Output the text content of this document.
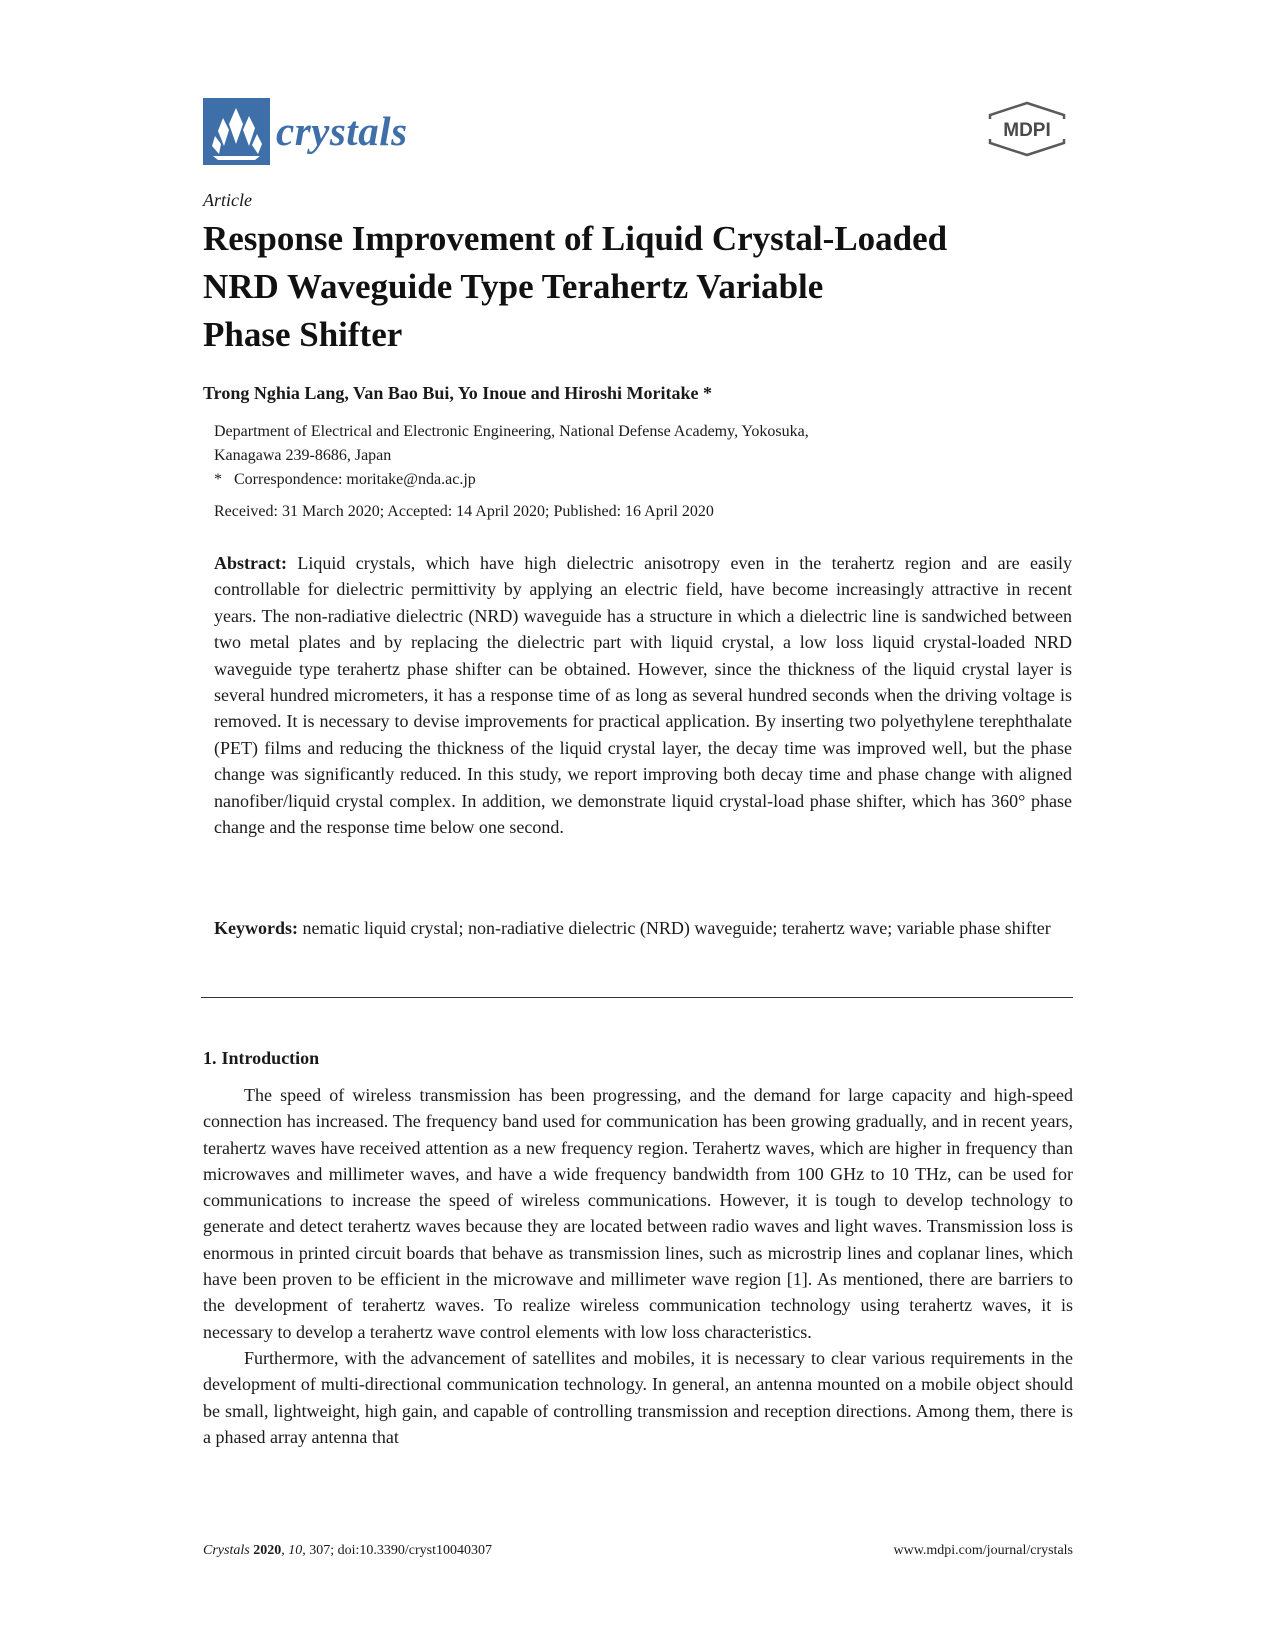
crystals	MDPI
Article
Response Improvement of Liquid Crystal-Loaded
NRD Waveguide Type Terahertz Variable
Phase Shifter
Trong Nghia Lang, Van Bao Bui, Yo Inoue and Hiroshi Moritake *
Department of Electrical and Electronic Engineering, National Defense Academy, Yokosuka,
Kanagawa 239-8686, Japan
* Correspondence: moritake@nda.ac.jp
Received: 31 March 2020; Accepted: 14 April 2020; Published: 16 April 2020
Abstract: Liquid crystals, which have high dielectric anisotropy even in the terahertz region and are easily controllable for dielectric permittivity by applying an electric field, have become increasingly attractive in recent years. The non-radiative dielectric (NRD) waveguide has a structure in which a dielectric line is sandwiched between two metal plates and by replacing the dielectric part with liquid crystal, a low loss liquid crystal-loaded NRD waveguide type terahertz phase shifter can be obtained. However, since the thickness of the liquid crystal layer is several hundred micrometers, it has a response time of as long as several hundred seconds when the driving voltage is removed. It is necessary to devise improvements for practical application. By inserting two polyethylene terephthalate (PET) films and reducing the thickness of the liquid crystal layer, the decay time was improved well, but the phase change was significantly reduced. In this study, we report improving both decay time and phase change with aligned nanofiber/liquid crystal complex. In addition, we demonstrate liquid crystal-load phase shifter, which has 360° phase change and the response time below one second.
Keywords: nematic liquid crystal; non-radiative dielectric (NRD) waveguide; terahertz wave; variable phase shifter
1. Introduction

The speed of wireless transmission has been progressing, and the demand for large capacity and high-speed connection has increased. The frequency band used for communication has been growing gradually, and in recent years, terahertz waves have received attention as a new frequency region. Terahertz waves, which are higher in frequency than microwaves and millimeter waves, and have a wide frequency bandwidth from 100 GHz to 10 THz, can be used for communications to increase the speed of wireless communications. However, it is tough to develop technology to generate and detect terahertz waves because they are located between radio waves and light waves. Transmission loss is enormous in printed circuit boards that behave as transmission lines, such as microstrip lines and coplanar lines, which have been proven to be efficient in the microwave and millimeter wave region [1]. As mentioned, there are barriers to the development of terahertz waves. To realize wireless communication technology using terahertz waves, it is necessary to develop a terahertz wave control elements with low loss characteristics.

Furthermore, with the advancement of satellites and mobiles, it is necessary to clear various requirements in the development of multi-directional communication technology. In general, an antenna mounted on a mobile object should be small, lightweight, high gain, and capable of controlling transmission and reception directions. Among them, there is a phased array antenna that

Crystals 2020, 10, 307; doi:10.3390/cryst10040307	www.mdpi.com/journal/crystals
